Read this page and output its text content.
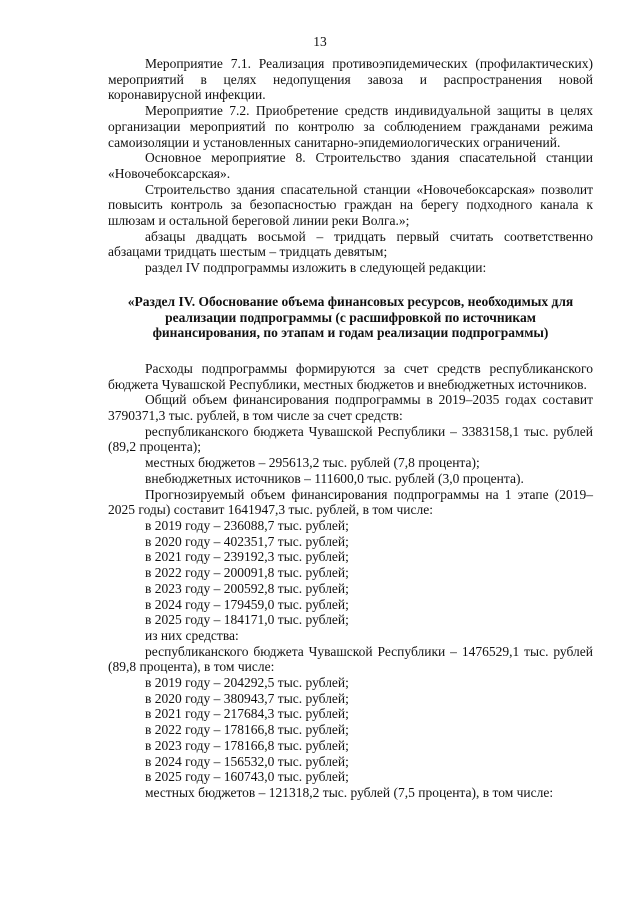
13

Мероприятие 7.1. Реализация противоэпидемических (профилактических) мероприятий в целях недопущения завоза и распространения новой коронавирусной инфекции.

Мероприятие 7.2. Приобретение средств индивидуальной защиты в целях организации мероприятий по контролю за соблюдением гражданами режима самоизоляции и установленных санитарно-эпидемиологических ограничений.

Основное мероприятие 8. Строительство здания спасательной станции «Новочебоксарская».

Строительство здания спасательной станции «Новочебоксарская» позволит повысить контроль за безопасностью граждан на берегу подходного канала к шлюзам и остальной береговой линии реки Волга.»;

абзацы двадцать восьмой – тридцать первый считать соответственно абзацами тридцать шестым – тридцать девятым;

раздел IV подпрограммы изложить в следующей редакции:

«Раздел IV. Обоснование объема финансовых ресурсов, необходимых для реализации подпрограммы (с расшифровкой по источникам финансирования, по этапам и годам реализации подпрограммы)

Расходы подпрограммы формируются за счет средств республиканского бюджета Чувашской Республики, местных бюджетов и внебюджетных источников.

Общий объем финансирования подпрограммы в 2019–2035 годах составит 3790371,3 тыс. рублей, в том числе за счет средств:

республиканского бюджета Чувашской Республики – 3383158,1 тыс. рублей (89,2 процента);

местных бюджетов – 295613,2 тыс. рублей (7,8 процента);

внебюджетных источников – 111600,0 тыс. рублей (3,0 процента).

Прогнозируемый объем финансирования подпрограммы на 1 этапе (2019–2025 годы) составит 1641947,3 тыс. рублей, в том числе:

в 2019 году – 236088,7 тыс. рублей;

в 2020 году – 402351,7 тыс. рублей;

в 2021 году – 239192,3 тыс. рублей;

в 2022 году – 200091,8 тыс. рублей;

в 2023 году – 200592,8 тыс. рублей;

в 2024 году – 179459,0 тыс. рублей;

в 2025 году – 184171,0 тыс. рублей;

из них средства:

республиканского бюджета Чувашской Республики – 1476529,1 тыс. рублей (89,8 процента), в том числе:

в 2019 году – 204292,5 тыс. рублей;

в 2020 году – 380943,7 тыс. рублей;

в 2021 году – 217684,3 тыс. рублей;

в 2022 году – 178166,8 тыс. рублей;

в 2023 году – 178166,8 тыс. рублей;

в 2024 году – 156532,0 тыс. рублей;

в 2025 году – 160743,0 тыс. рублей;

местных бюджетов – 121318,2 тыс. рублей (7,5 процента), в том числе:
